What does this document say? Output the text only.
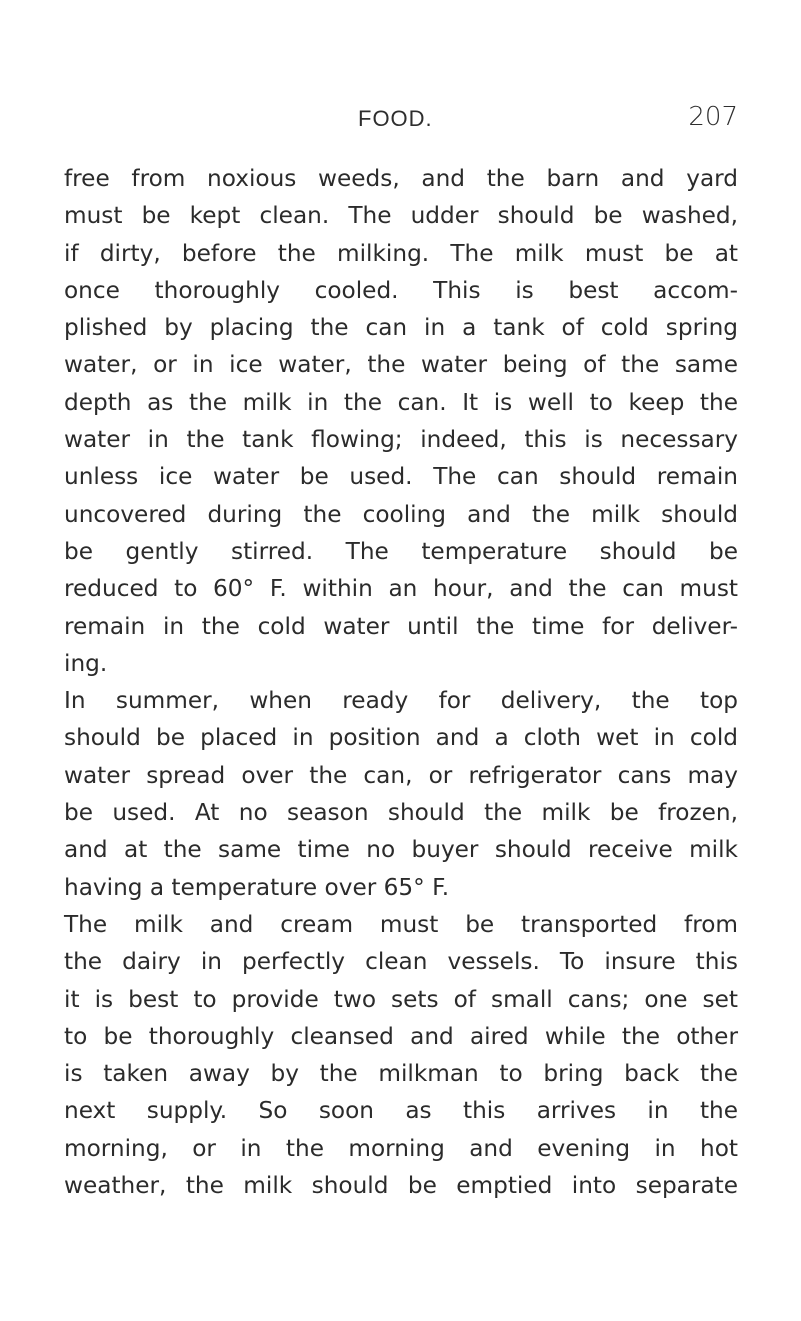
FOOD.	207
free from noxious weeds, and the barn and yard
must be kept clean. The udder should be washed,
if dirty, before the milking. The milk must be at
once thoroughly cooled. This is best accom-
plished by placing the can in a tank of cold spring
water, or in ice water, the water being of the same
depth as the milk in the can. It is well to keep the
water in the tank flowing; indeed, this is necessary
unless ice water be used. The can should remain
uncovered during the cooling and the milk should
be gently stirred. The temperature should be
reduced to 60° F. within an hour, and the can must
remain in the cold water until the time for deliver-
ing.
In summer, when ready for delivery, the top
should be placed in position and a cloth wet in cold
water spread over the can, or refrigerator cans may
be used. At no season should the milk be frozen,
and at the same time no buyer should receive milk
having a temperature over 65° F.
The milk and cream must be transported from
the dairy in perfectly clean vessels. To insure this
it is best to provide two sets of small cans; one set
to be thoroughly cleansed and aired while the other
is taken away by the milkman to bring back the
next supply. So soon as this arrives in the
morning, or in the morning and evening in hot
weather, the milk should be emptied into separate
